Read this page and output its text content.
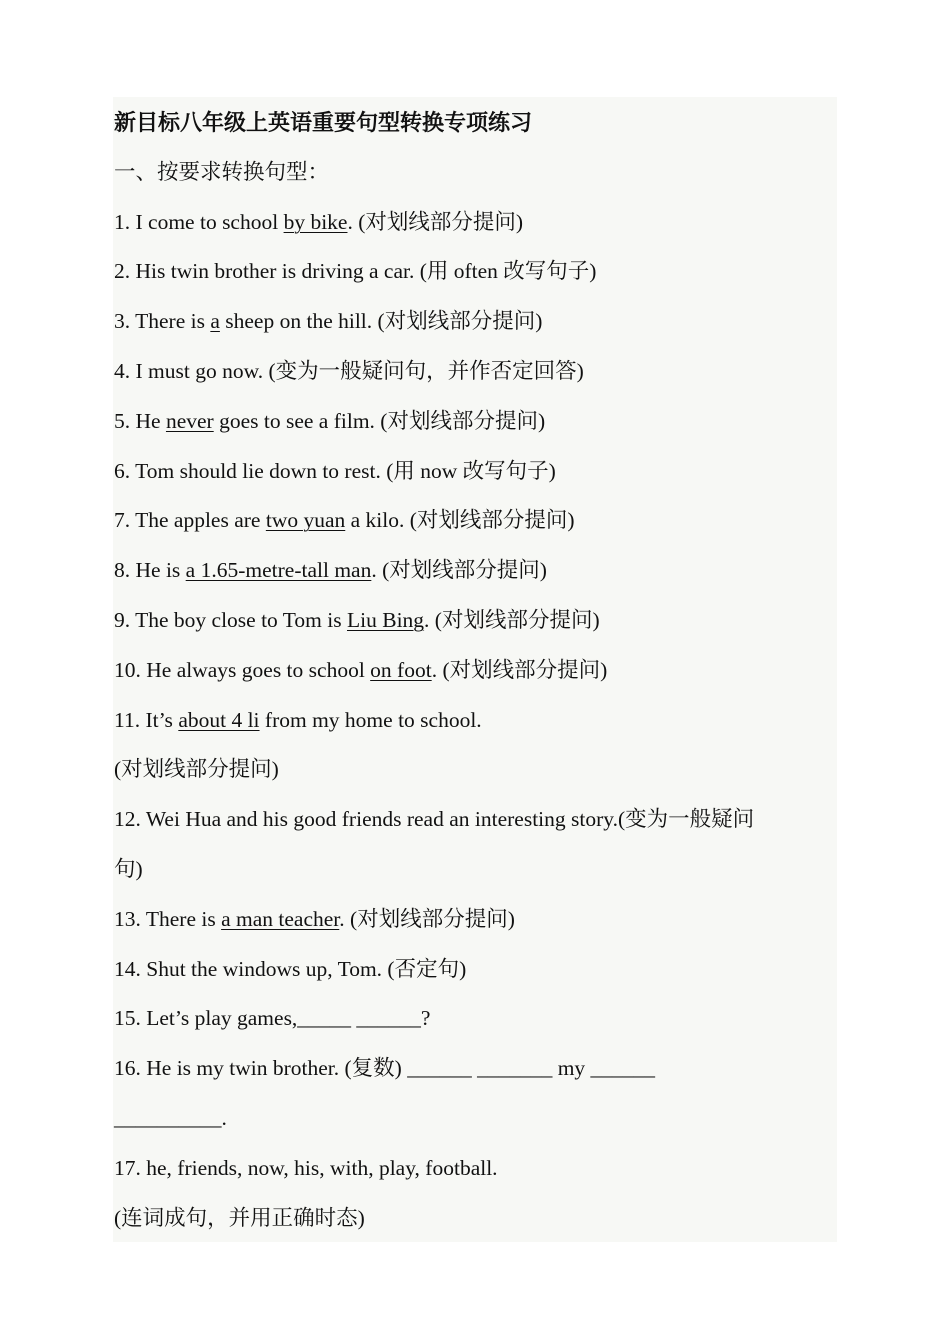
新目标八年级上英语重要句型转换专项练习
一、按要求转换句型：
1. I come to school by bike. (对划线部分提问)
2. His twin brother is driving a car. (用 often 改写句子)
3. There is a sheep on the hill. (对划线部分提问)
4. I must go now. (变为一般疑问句，并作否定回答)
5. He never goes to see a film. (对划线部分提问)
6. Tom should lie down to rest. (用 now 改写句子)
7. The apples are two yuan a kilo. (对划线部分提问)
8. He is a 1.65-metre-tall man. (对划线部分提问)
9. The boy close to Tom is Liu Bing. (对划线部分提问)
10. He always goes to school on foot. (对划线部分提问)
11. It’s about 4 li from my home to school.
(对划线部分提问)
12. Wei Hua and his good friends read an interesting story.(变为一般疑问
句)
13. There is a man teacher. (对划线部分提问)
14. Shut the windows up, Tom. (否定句)
15. Let’s play games,_____ ______?
16. He is my twin brother. (复数) ______ _______ my ______
__________.
17. he, friends, now, his, with, play, football.
(连词成句，并用正确时态)
